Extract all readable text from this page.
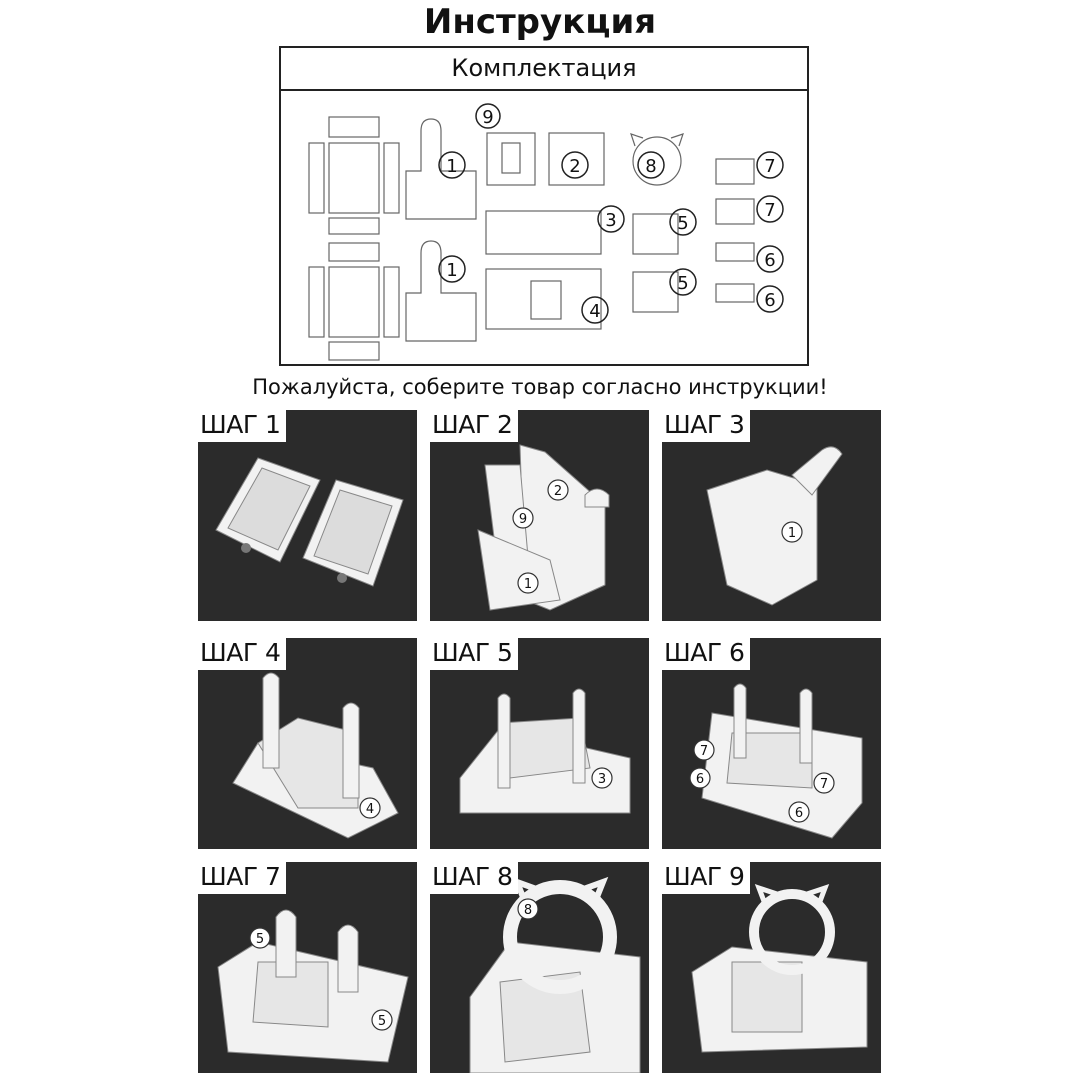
Инструкция
Комплектация
1
1
9
2	8
3
4
5
5
7
7
6
6
Пожалуйста, соберите товар согласно инструкции!
ШАГ 1
2
9
1
ШАГ 2
1
ШАГ 3
4
ШАГ 4
3
ШАГ 5
7
6	7
6
ШАГ 6
5
5
ШАГ 7
8
ШАГ 8	ШАГ 9
